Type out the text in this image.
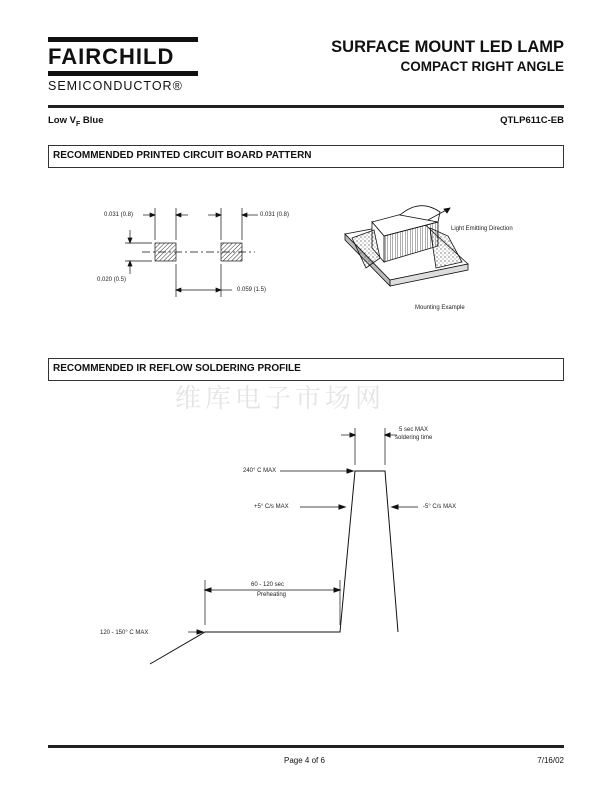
FAIRCHILD
SEMICONDUCTOR®
SURFACE MOUNT LED LAMP
COMPACT RIGHT ANGLE
Low $V_F$ Blue	QTLP611C-EB
RECOMMENDED PRINTED CIRCUIT BOARD PATTERN
0.031 (0.8)	0.031 (0.8)
0.020 (0.5)
0.059 (1.5)
Light Emitting Direction
Mounting Example
RECOMMENDED IR REFLOW SOLDERING PROFILE
维库电子市场网
5 sec MAX
soldering time
240° C MAX
+5° C/s MAX	-5° C/s MAX
60 - 120 sec
Preheating
120 - 150° C MAX
Page 4 of 6	7/16/02
